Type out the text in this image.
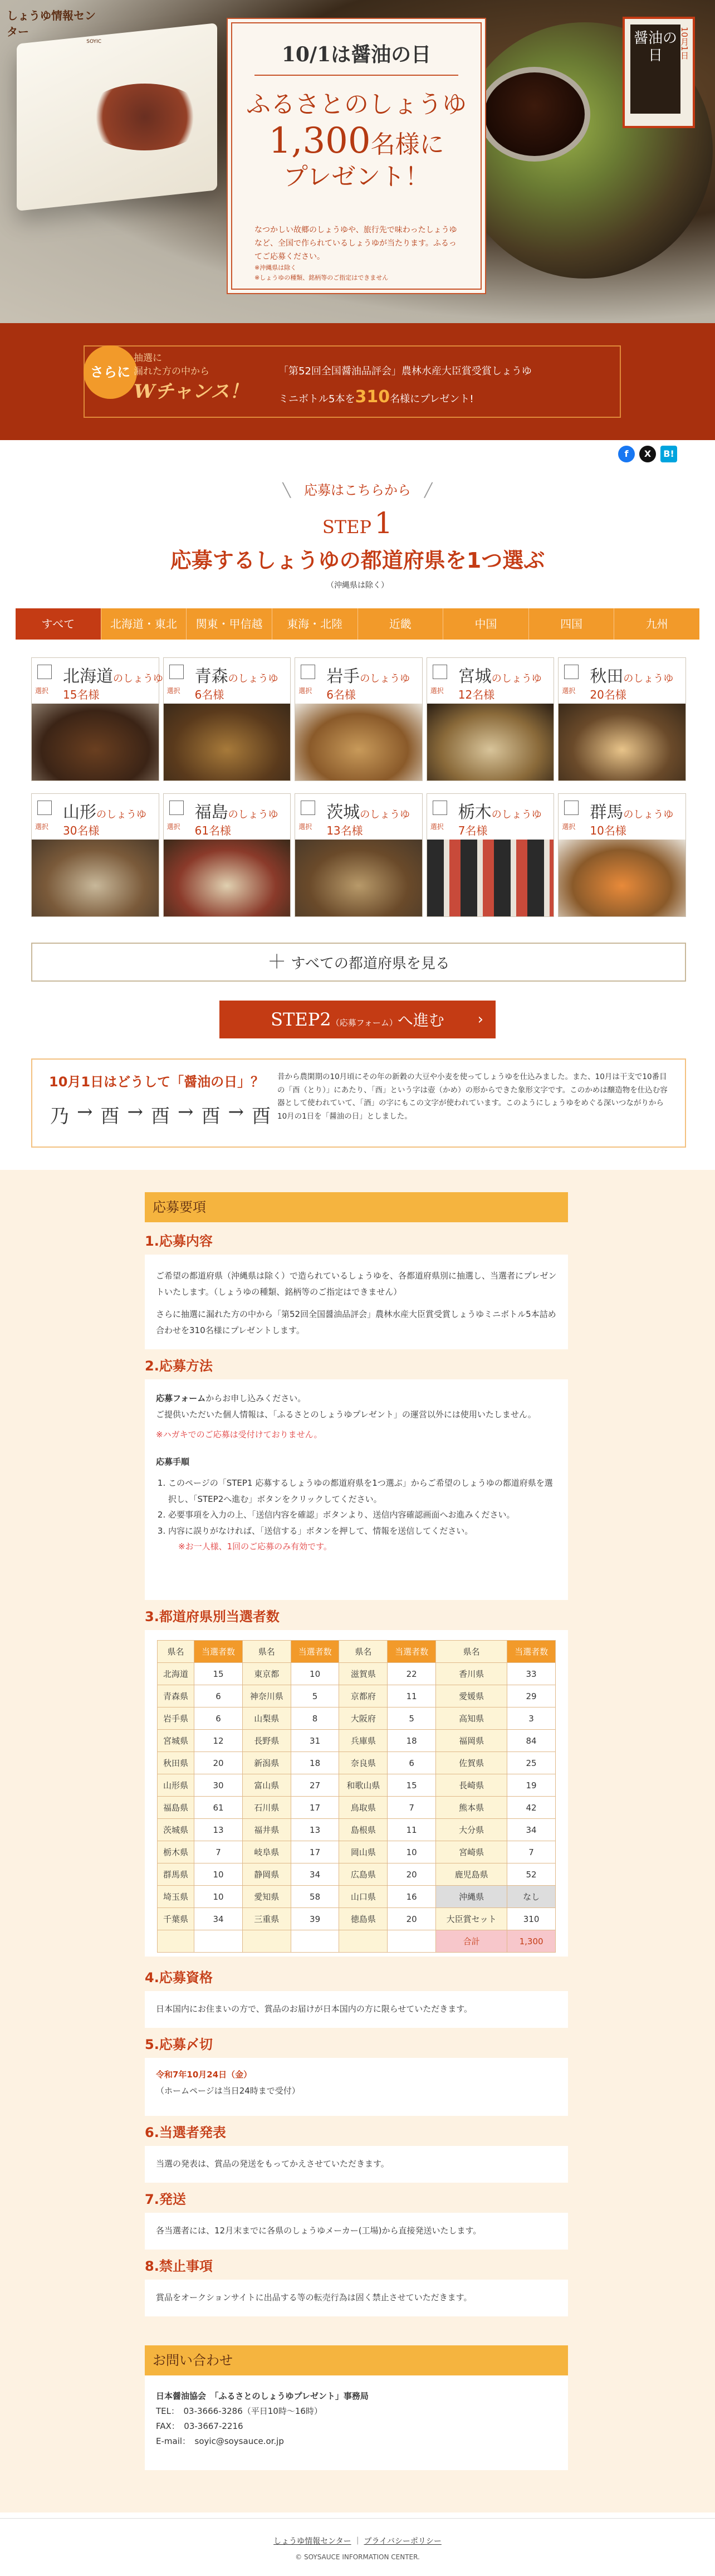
しょうゆ情報センター
SOYIC
10/1は醤油の日
ふるさとのしょうゆ
1,300名様に
プレゼント！
なつかしい故郷のしょうゆや、旅行先で味わったしょうゆなど、全国で作られているしょうゆが当たります。ふるってご応募ください。
※沖縄県は除く
※しょうゆの種類、銘柄等のご指定はできません
醤油の日	10月1日
さらに
抽選に
漏れた方の中から
Wチャンス！
「第52回全国醤油品評会」農林水産大臣賞受賞しょうゆ
ミニボトル5本を310名様にプレゼント!
f	X	B!
╲　応募はこちらから　╱
STEP 1
応募するしょうゆの都道府県を1つ選ぶ
（沖縄県は除く）
すべて	北海道・東北	関東・甲信越	東海・北陸	近畿	中国	四国	九州
選択
北海道のしょうゆ
15名様	選択
青森のしょうゆ
6名様	選択
岩手のしょうゆ
6名様	選択
宮城のしょうゆ
12名様	選択
秋田のしょうゆ
20名様
選択
山形のしょうゆ
30名様	選択
福島のしょうゆ
61名様	選択
茨城のしょうゆ
13名様	選択
栃木のしょうゆ
7名様	選択
群馬のしょうゆ
10名様
＋ すべての都道府県を見る
STEP2（応募フォーム）へ進む ›
10月1日はどうして「醤油の日」？
乃 → 酉 → 酉 → 酉 → 酉
昔から農閑期の10月頃にその年の新穀の大豆や小麦を使ってしょうゆを仕込みました。また、10月は干支で10番目の「酉（とり）」にあたり、「酉」という字は壺（かめ）の形からできた象形文字です。このかめは醸造物を仕込む容器として使われていて、「酒」の字にもこの文字が使われています。このようにしょうゆをめぐる深いつながりから10月の1日を「醤油の日」としました。
応募要項
1.応募内容
ご希望の都道府県（沖縄県は除く）で造られているしょうゆを、各都道府県別に抽選し、当選者にプレゼントいたします。（しょうゆの種類、銘柄等のご指定はできません）
さらに抽選に漏れた方の中から「第52回全国醤油品評会」農林水産大臣賞受賞しょうゆミニボトル5本詰め合わせを310名様にプレゼントします。
2.応募方法
応募フォームからお申し込みください。
ご提供いただいた個人情報は、「ふるさとのしょうゆプレゼント」の運営以外には使用いたしません。
※ハガキでのご応募は受付けておりません。
応募手順
1. このページの「STEP1 応募するしょうゆの都道府県を1つ選ぶ」からご希望のしょうゆの都道府県を選択し、「STEP2へ進む」ボタンをクリックしてください。
2. 必要事項を入力の上、「送信内容を確認」ボタンより、送信内容確認画面へお進みください。
3. 内容に誤りがなければ、「送信する」ボタンを押して、情報を送信してください。
※お一人様、1回のご応募のみ有効です。
3.都道府県別当選者数
県名	当選者数	県名	当選者数	県名	当選者数	県名	当選者数
北海道	15	東京都	10	滋賀県	22	香川県	33
青森県	6	神奈川県	5	京都府	11	愛媛県	29
岩手県	6	山梨県	8	大阪府	5	高知県	3
宮城県	12	長野県	31	兵庫県	18	福岡県	84
秋田県	20	新潟県	18	奈良県	6	佐賀県	25
山形県	30	富山県	27	和歌山県	15	長崎県	19
福島県	61	石川県	17	鳥取県	7	熊本県	42
茨城県	13	福井県	13	島根県	11	大分県	34
栃木県	7	岐阜県	17	岡山県	10	宮崎県	7
群馬県	10	静岡県	34	広島県	20	鹿児島県	52
埼玉県	10	愛知県	58	山口県	16	沖縄県	なし
千葉県	34	三重県	39	徳島県	20	大臣賞セット	310
						合計	1,300
4.応募資格
日本国内にお住まいの方で、賞品のお届けが日本国内の方に限らせていただきます。
5.応募〆切
令和7年10月24日（金）
（ホームページは当日24時まで受付）
6.当選者発表
当選の発表は、賞品の発送をもってかえさせていただきます。
7.発送
各当選者には、12月末までに各県のしょうゆメーカー(工場)から直接発送いたします。
8.禁止事項
賞品をオークションサイトに出品する等の転売行為は固く禁止させていただきます。
お問い合わせ
日本醤油協会　「ふるさとのしょうゆプレゼント」事務局
TEL：　03-3666-3286（平日10時〜16時）
FAX：　03-3667-2216
E-mail：　soyic@soysauce.or.jp
しょうゆ情報センター ｜ プライバシーポリシー
© SOYSAUCE INFORMATION CENTER.
